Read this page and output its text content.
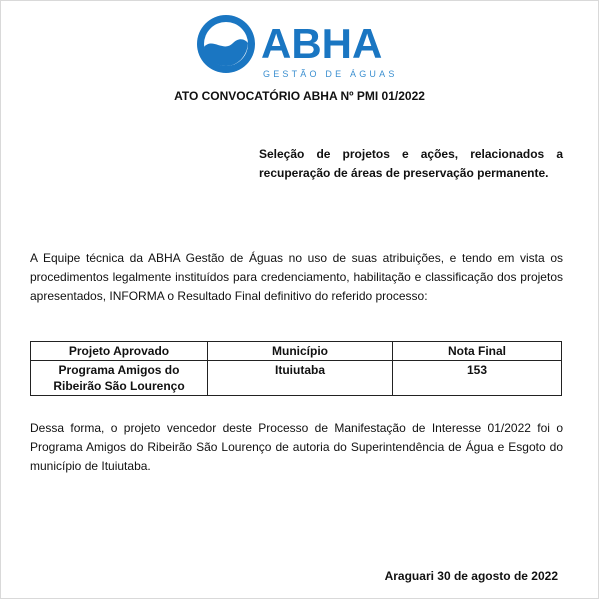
ABHA
GESTÃO DE ÁGUAS
ATO CONVOCATÓRIO ABHA Nº PMI 01/2022
Seleção de projetos e ações, relacionados a recuperação de áreas de preservação permanente.
A Equipe técnica da ABHA Gestão de Águas no uso de suas atribuições, e tendo em vista os procedimentos legalmente instituídos para credenciamento, habilitação e classificação dos projetos apresentados, INFORMA o Resultado Final definitivo do referido processo:
Projeto Aprovado	Município	Nota Final
Programa Amigos do Ribeirão São Lourenço	Ituiutaba	153
Dessa forma, o projeto vencedor deste Processo de Manifestação de Interesse 01/2022 foi o Programa Amigos do Ribeirão São Lourenço de autoria do Superintendência de Água e Esgoto do município de Ituiutaba.
Araguari 30 de agosto de 2022
